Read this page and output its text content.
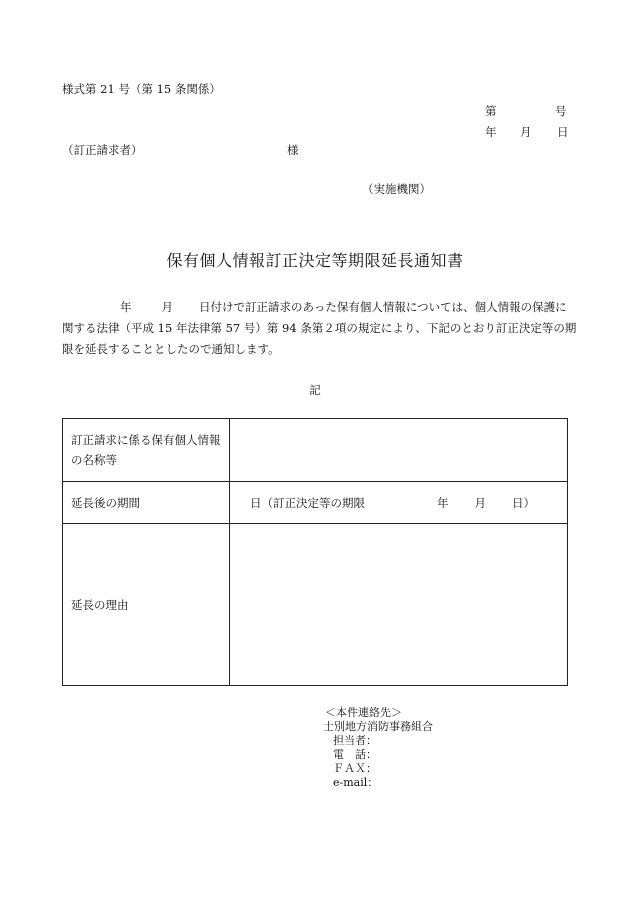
様式第 21 号（第 15 条関係）
第	号
年 月 日
（訂正請求者）	様
（実施機関）
保有個人情報訂正決定等期限延長通知書
年	月 日付けで訂正請求のあった保有個人情報については、個人情報の保護に
関する法律（平成 15 年法律第 57 号）第 94 条第２項の規定により、下記のとおり訂正決定等の期
限を延長することとしたので通知します。
記
訂正請求に係る保有個人情報
の名称等	

延長後の期間	日（訂正決定等の期限 年 月 日）
延長の理由	
＜本件連絡先＞
士別地方消防事務組合
担当者：
電　話：
ＦＡＸ：
e-mail：
